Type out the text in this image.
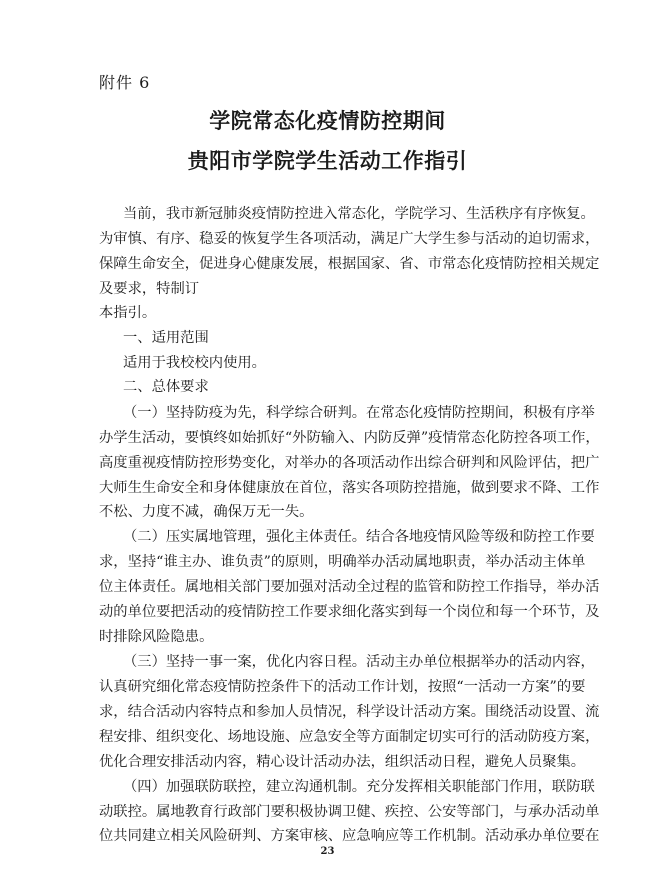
附件 6
学院常态化疫情防控期间
贵阳市学院学生活动工作指引
当前，我市新冠肺炎疫情防控进入常态化，学院学习、生活秩序有序恢复。
为审慎、有序、稳妥的恢复学生各项活动，满足广大学生参与活动的迫切需求，
保障生命安全，促进身心健康发展，根据国家、省、市常态化疫情防控相关规定
及要求，特制订
本指引。
一、适用范围
适用于我校校内使用。
二、总体要求
（一）坚持防疫为先，科学综合研判。在常态化疫情防控期间，积极有序举
办学生活动，要慎终如始抓好“外防输入、内防反弹”疫情常态化防控各项工作，
高度重视疫情防控形势变化，对举办的各项活动作出综合研判和风险评估，把广
大师生生命安全和身体健康放在首位，落实各项防控措施，做到要求不降、工作
不松、力度不减，确保万无一失。
（二）压实属地管理，强化主体责任。结合各地疫情风险等级和防控工作要
求，坚持“谁主办、谁负责”的原则，明确举办活动属地职责，举办活动主体单
位主体责任。属地相关部门要加强对活动全过程的监管和防控工作指导，举办活
动的单位要把活动的疫情防控工作要求细化落实到每一个岗位和每一个环节，及
时排除风险隐患。
（三）坚持一事一案，优化内容日程。活动主办单位根据举办的活动内容，
认真研究细化常态疫情防控条件下的活动工作计划，按照“一活动一方案”的要
求，结合活动内容特点和参加人员情况，科学设计活动方案。围绕活动设置、流
程安排、组织变化、场地设施、应急安全等方面制定切实可行的活动防疫方案，
优化合理安排活动内容，精心设计活动办法，组织活动日程，避免人员聚集。
（四）加强联防联控，建立沟通机制。充分发挥相关职能部门作用，联防联
动联控。属地教育行政部门要积极协调卫健、疾控、公安等部门，与承办活动单
位共同建立相关风险研判、方案审核、应急响应等工作机制。活动承办单位要在
23
